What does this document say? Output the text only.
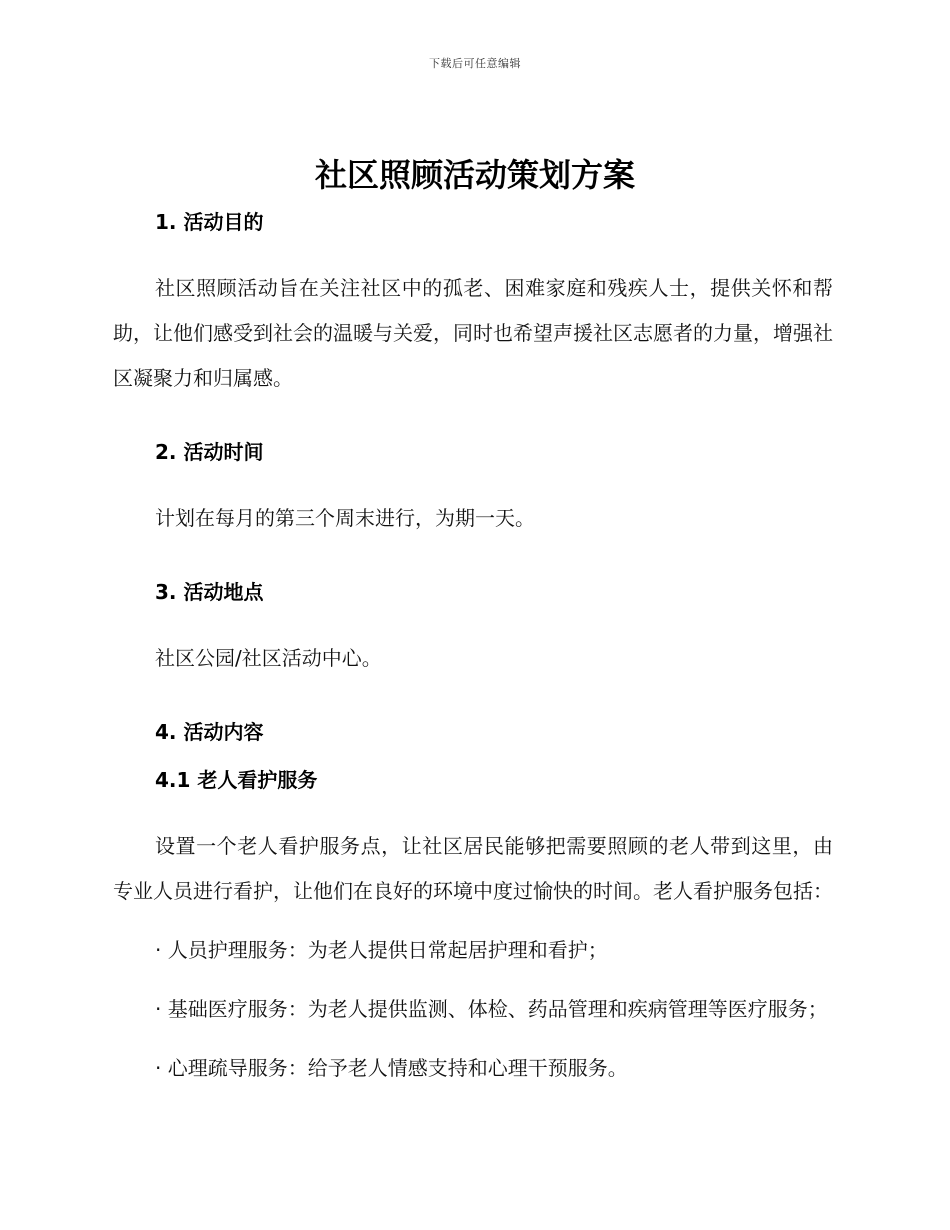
下载后可任意编辑
社区照顾活动策划方案

1. 活动目的

社区照顾活动旨在关注社区中的孤老、困难家庭和残疾人士，提供关怀和帮助，让他们感受到社会的温暖与关爱，同时也希望声援社区志愿者的力量，增强社区凝聚力和归属感。

2. 活动时间

计划在每月的第三个周末进行，为期一天。

3. 活动地点

社区公园/社区活动中心。

4. 活动内容

4.1 老人看护服务

设置一个老人看护服务点，让社区居民能够把需要照顾的老人带到这里，由专业人员进行看护，让他们在良好的环境中度过愉快的时间。老人看护服务包括：

· 人员护理服务：为老人提供日常起居护理和看护；

· 基础医疗服务：为老人提供监测、体检、药品管理和疾病管理等医疗服务；

· 心理疏导服务：给予老人情感支持和心理干预服务。
